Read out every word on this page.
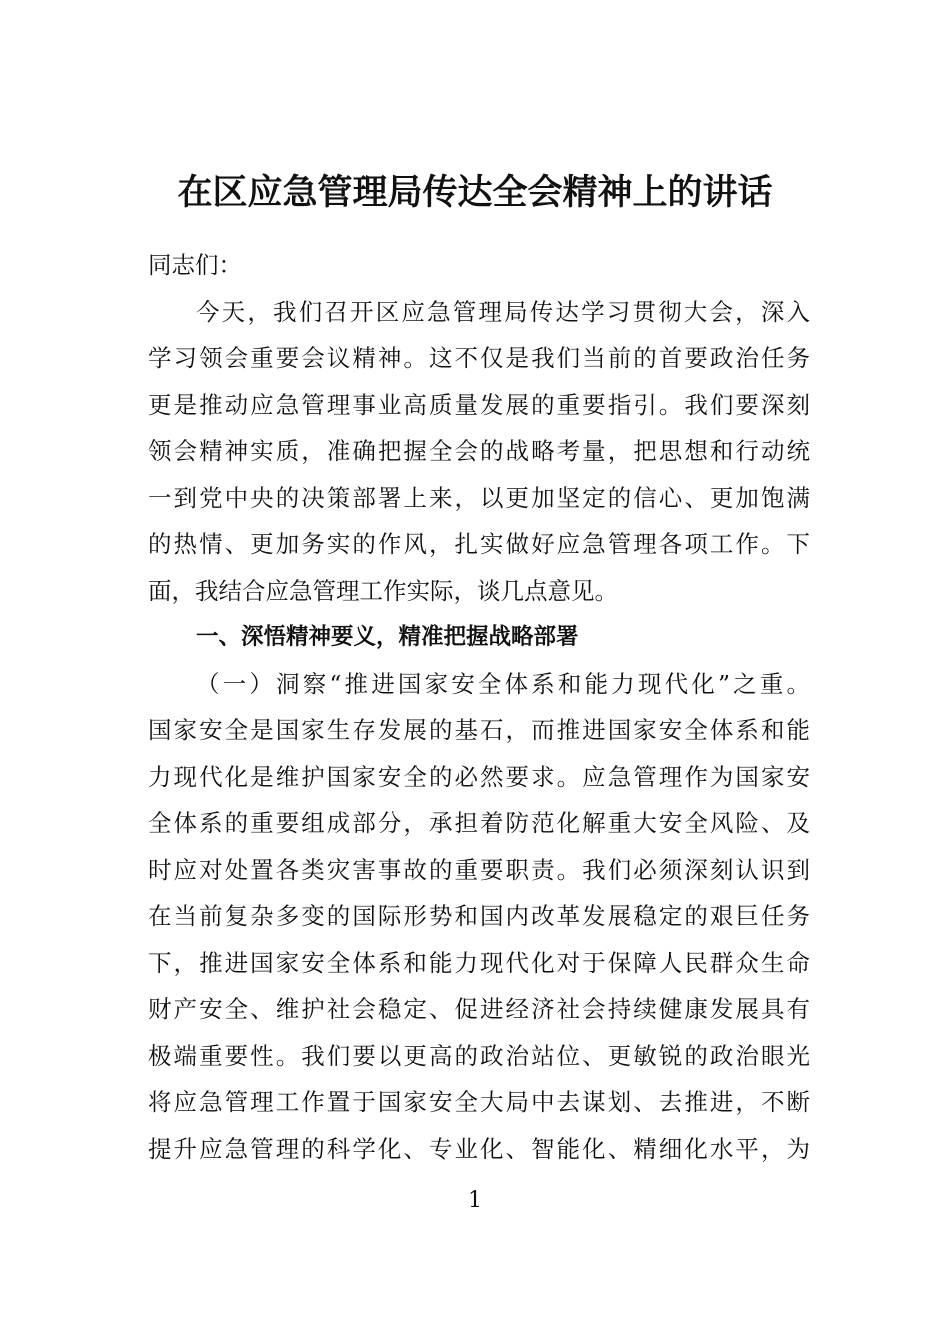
在区应急管理局传达全会精神上的讲话
同志们：
今天，我们召开区应急管理局传达学习贯彻大会，深入
学习领会重要会议精神。这不仅是我们当前的首要政治任务
更是推动应急管理事业高质量发展的重要指引。我们要深刻
领会精神实质，准确把握全会的战略考量，把思想和行动统
一到党中央的决策部署上来，以更加坚定的信心、更加饱满
的热情、更加务实的作风，扎实做好应急管理各项工作。下
面，我结合应急管理工作实际，谈几点意见。
一、深悟精神要义，精准把握战略部署
（一）洞察“推进国家安全体系和能力现代化”之重。
国家安全是国家生存发展的基石，而推进国家安全体系和能
力现代化是维护国家安全的必然要求。应急管理作为国家安
全体系的重要组成部分，承担着防范化解重大安全风险、及
时应对处置各类灾害事故的重要职责。我们必须深刻认识到
在当前复杂多变的国际形势和国内改革发展稳定的艰巨任务
下，推进国家安全体系和能力现代化对于保障人民群众生命
财产安全、维护社会稳定、促进经济社会持续健康发展具有
极端重要性。我们要以更高的政治站位、更敏锐的政治眼光
将应急管理工作置于国家安全大局中去谋划、去推进，不断
提升应急管理的科学化、专业化、智能化、精细化水平，为
1
